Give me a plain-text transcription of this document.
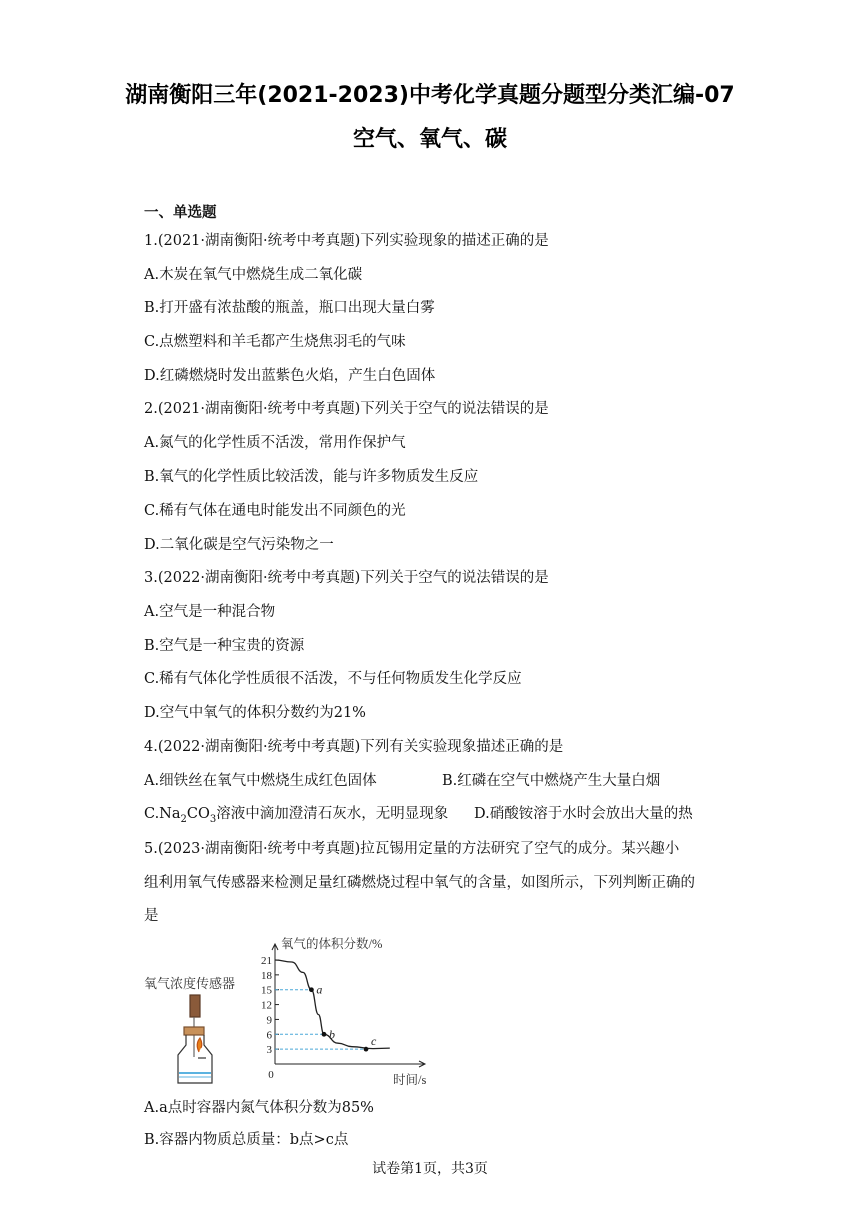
湖南衡阳三年(2021-2023)中考化学真题分题型分类汇编-07
空气、氧气、碳
一、单选题
1.(2021·湖南衡阳·统考中考真题)下列实验现象的描述正确的是
A.木炭在氧气中燃烧生成二氧化碳
B.打开盛有浓盐酸的瓶盖，瓶口出现大量白雾
C.点燃塑料和羊毛都产生烧焦羽毛的气味
D.红磷燃烧时发出蓝紫色火焰，产生白色固体
2.(2021·湖南衡阳·统考中考真题)下列关于空气的说法错误的是
A.氮气的化学性质不活泼，常用作保护气
B.氧气的化学性质比较活泼，能与许多物质发生反应
C.稀有气体在通电时能发出不同颜色的光
D.二氧化碳是空气污染物之一
3.(2022·湖南衡阳·统考中考真题)下列关于空气的说法错误的是
A.空气是一种混合物
B.空气是一种宝贵的资源
C.稀有气体化学性质很不活泼，不与任何物质发生化学反应
D.空气中氧气的体积分数约为21%
4.(2022·湖南衡阳·统考中考真题)下列有关实验现象描述正确的是
A.细铁丝在氧气中燃烧生成红色固体	B.红磷在空气中燃烧产生大量白烟
$C.Na_2CO_3$溶液中滴加澄清石灰水，无明显现象 D.硝酸铵溶于水时会放出大量的热
5.(2023·湖南衡阳·统考中考真题)拉瓦锡用定量的方法研究了空气的成分。某兴趣小
组利用氧气传感器来检测足量红磷燃烧过程中氧气的含量，如图所示，下列判断正确的
是
氧气浓度传感器
3
6
9
12
15
18
21
氧气的体积分数/%
时间/s
0
a
b	c
A.a点时容器内氮气体积分数为85%
B.容器内物质总质量：b点>c点
试卷第1页，共3页
